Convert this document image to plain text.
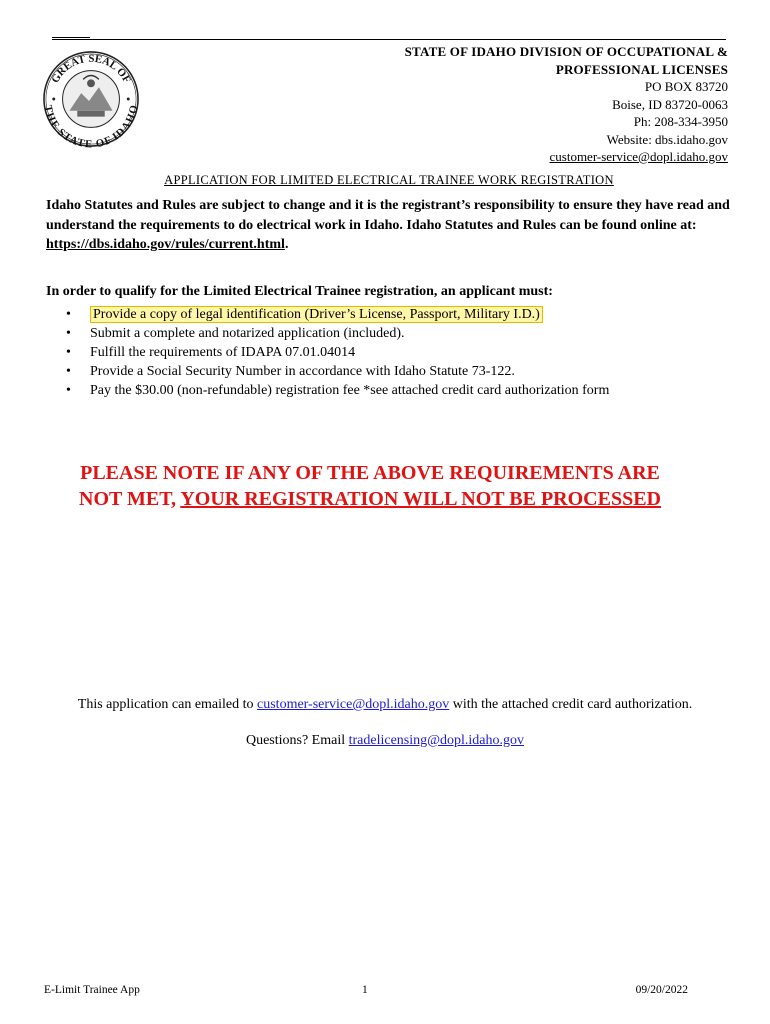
GREAT SEAL OF
THE STATE OF IDAHO
STATE OF IDAHO DIVISION OF OCCUPATIONAL &
PROFESSIONAL LICENSES
PO BOX 83720
Boise, ID 83720-0063
Ph: 208-334-3950
Website: dbs.idaho.gov
customer-service@dopl.idaho.gov
APPLICATION FOR LIMITED ELECTRICAL TRAINEE WORK REGISTRATION
Idaho Statutes and Rules are subject to change and it is the registrant’s responsibility to ensure they have read and understand the requirements to do electrical work in Idaho. Idaho Statutes and Rules can be found online at: https://dbs.idaho.gov/rules/current.html.
In order to qualify for the Limited Electrical Trainee registration, an applicant must:
• Provide a copy of legal identification (Driver’s License, Passport, Military I.D.)
• Submit a complete and notarized application (included).
• Fulfill the requirements of IDAPA 07.01.04014
• Provide a Social Security Number in accordance with Idaho Statute 73-122.
• Pay the $30.00 (non-refundable) registration fee *see attached credit card authorization form
PLEASE NOTE IF ANY OF THE ABOVE REQUIREMENTS ARE
NOT MET, YOUR REGISTRATION WILL NOT BE PROCESSED
This application can emailed to customer-service@dopl.idaho.gov with the attached credit card authorization.
Questions? Email tradelicensing@dopl.idaho.gov
E-Limit Trainee App	1	09/20/2022
